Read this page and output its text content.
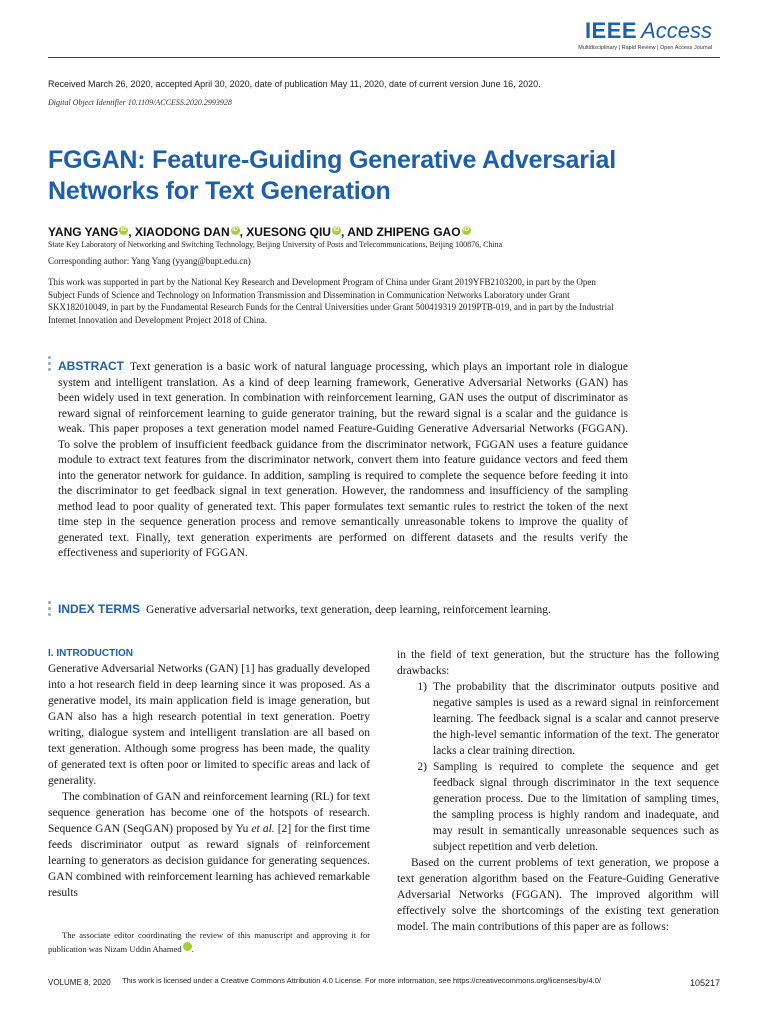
IEEE Access
Multidisciplinary | Rapid Review | Open Access Journal
Received March 26, 2020, accepted April 30, 2020, date of publication May 11, 2020, date of current version June 16, 2020.
Digital Object Identifier 10.1109/ACCESS.2020.2993928
FGGAN: Feature-Guiding Generative Adversarial
Networks for Text Generation
YANG YANG iD , XIAODONG DAN iD , XUESONG QIU iD , AND ZHIPENG GAO iD
State Key Laboratory of Networking and Switching Technology, Beijing University of Posts and Telecommunications, Beijing 100876, China
Corresponding author: Yang Yang (yyang@bupt.edu.cn)
This work was supported in part by the National Key Research and Development Program of China under Grant 2019YFB2103200, in part by the Open Subject Funds of Science and Technology on Information Transmission and Dissemination in Communication Networks Laboratory under Grant SKX182010049, in part by the Fundamental Research Funds for the Central Universities under Grant 500419319 2019PTB-019, and in part by the Industrial Internet Innovation and Development Project 2018 of China.
ABSTRACT Text generation is a basic work of natural language processing, which plays an important role in dialogue system and intelligent translation. As a kind of deep learning framework, Generative Adversarial Networks (GAN) has been widely used in text generation. In combination with reinforcement learning, GAN uses the output of discriminator as reward signal of reinforcement learning to guide generator training, but the reward signal is a scalar and the guidance is weak. This paper proposes a text generation model named Feature-Guiding Generative Adversarial Networks (FGGAN). To solve the problem of insufficient feedback guidance from the discriminator network, FGGAN uses a feature guidance module to extract text features from the discriminator network, convert them into feature guidance vectors and feed them into the generator network for guidance. In addition, sampling is required to complete the sequence before feeding it into the discriminator to get feedback signal in text generation. However, the randomness and insufficiency of the sampling method lead to poor quality of generated text. This paper formulates text semantic rules to restrict the token of the next time step in the sequence generation process and remove semantically unreasonable tokens to improve the quality of generated text. Finally, text generation experiments are performed on different datasets and the results verify the effectiveness and superiority of FGGAN.
INDEX TERMS Generative adversarial networks, text generation, deep learning, reinforcement learning.

I. INTRODUCTION

Generative Adversarial Networks (GAN) [1] has gradually developed into a hot research field in deep learning since it was proposed. As a generative model, its main application field is image generation, but GAN also has a high research potential in text generation. Poetry writing, dialogue system and intelligent translation are all based on text generation. Although some progress has been made, the quality of generated text is often poor or limited to specific areas and lack of generality.

The combination of GAN and reinforcement learning (RL) for text sequence generation has become one of the hotspots of research. Sequence GAN (SeqGAN) proposed by Yu et al. [2] for the first time feeds discriminator output as reward signals of reinforcement learning to generators as decision guidance for generating sequences. GAN combined with reinforcement learning has achieved remarkable results

in the field of text generation, but the structure has the following drawbacks:

1) The probability that the discriminator outputs positive and negative samples is used as a reward signal in reinforcement learning. The feedback signal is a scalar and cannot preserve the high-level semantic information of the text. The generator lacks a clear training direction.
2) Sampling is required to complete the sequence and get feedback signal through discriminator in the text sequence generation process. Due to the limitation of sampling times, the sampling process is highly random and inadequate, and may result in semantically unreasonable sequences such as subject repetition and verb deletion.

Based on the current problems of text generation, we propose a text generation algorithm based on the Feature-Guiding Generative Adversarial Networks (FGGAN). The improved algorithm will effectively solve the shortcomings of the existing text generation model. The main contributions of this paper are as follows:

The associate editor coordinating the review of this manuscript and approving it for publication was Nizam Uddin Ahamed	iD.
VOLUME 8, 2020 This work is licensed under a Creative Commons Attribution 4.0 License. For more information, see https://creativecommons.org/licenses/by/4.0/	105217
